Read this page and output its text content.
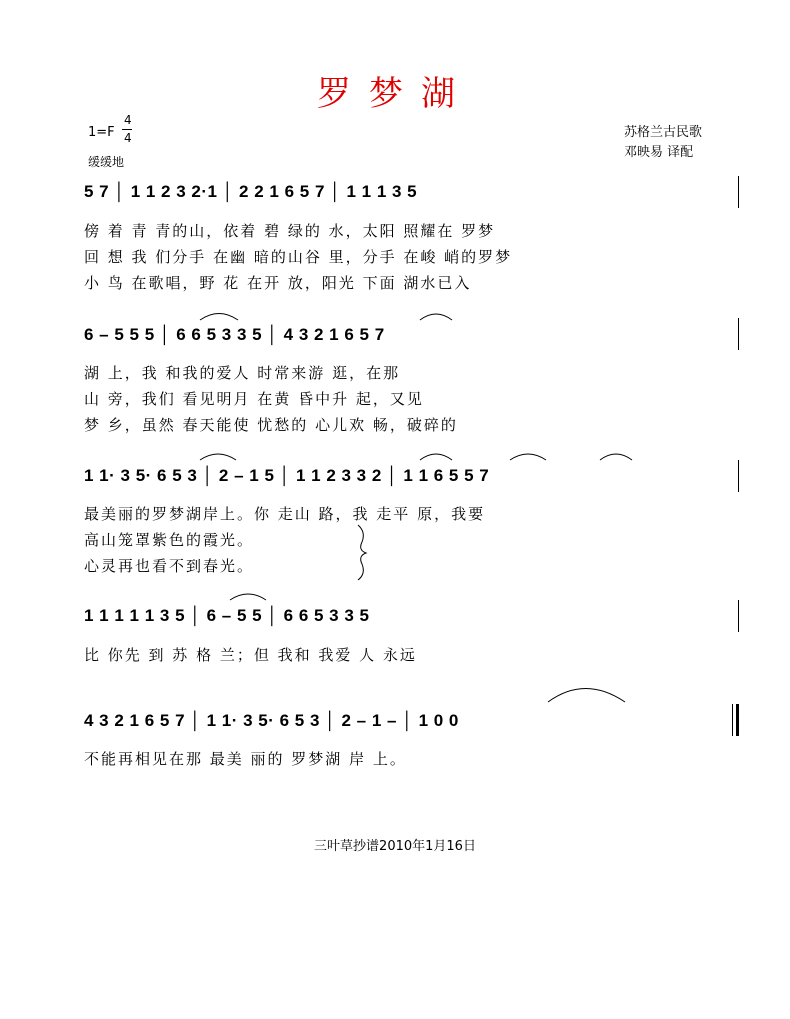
罗梦湖
1=F
4
4
缓缓地
苏格兰古民歌
邓映易 译配
5 7 │ 1 1 2 3 2·1 │ 2 2 1 6 5 7 │ 1 1 1 3 5
傍 着 青 青的山，依着 碧 绿的 水，太阳 照耀在 罗梦
回 想 我 们分手 在幽 暗的山谷 里，分手 在峻 峭的罗梦
小 鸟 在歌唱，野 花 在开 放，阳光 下面 湖水已入
6 – 5 5 5 │ 6 6 5 3 3 5 │ 4 3 2 1 6 5 7
湖 上，我 和我的爱人 时常来游 逛，在那
山 旁，我们 看见明月 在黄 昏中升 起，又见
梦 乡，虽然 春天能使 忧愁的 心儿欢 畅，破碎的
1 1· 3 5· 6 5 3 │ 2 – 1 5 │ 1 1 2 3 3 2 │ 1 1 6 5 5 7
最美丽的罗梦湖岸上。你 走山 路，我 走平 原，我要
高山笼罩紫色的霞光。
心灵再也看不到春光。
1 1 1 1 1 3 5 │ 6 – 5 5 │ 6 6 5 3 3 5
比 你先 到 苏 格 兰；但 我和 我爱 人 永远
4 3 2 1 6 5 7 │ 1 1· 3 5· 6 5 3 │ 2 – 1 – │ 1 0 0
不能再相见在那 最美 丽的 罗梦湖 岸 上。
三叶草抄谱2010年1月16日
